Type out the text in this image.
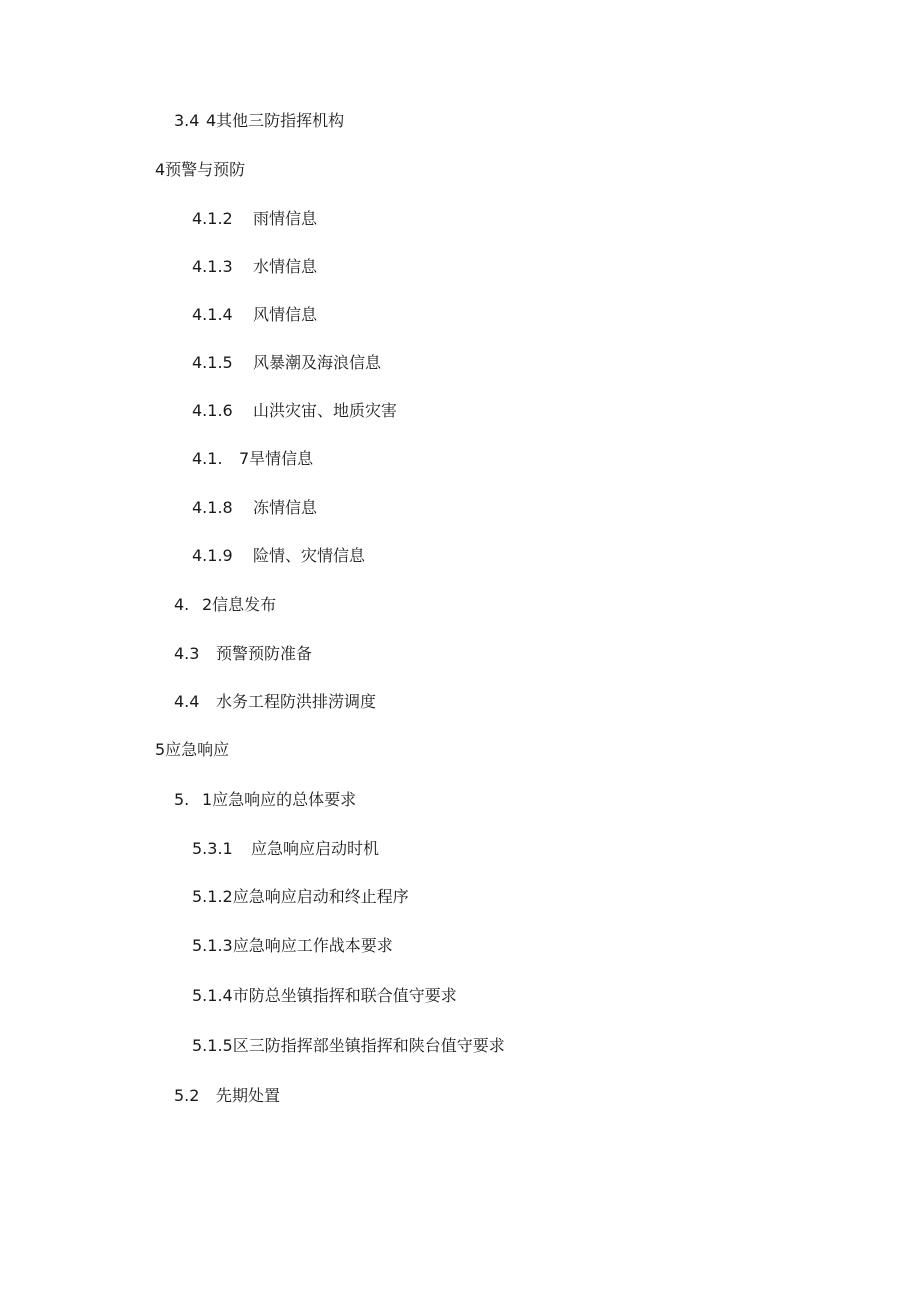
3.4 4其他三防指挥机构
4预警与预防
4.1.2 雨情信息
4.1.3 水情信息
4.1.4 风情信息
4.1.5 风暴潮及海浪信息
4.1.6 山洪灾宙、地质灾害
4.1. 7旱情信息
4.1.8 冻情信息
4.1.9 险情、灾情信息
4. 2信息发布
4.3 预警预防准备
4.4 水务工程防洪排涝调度
5应急响应
5. 1应急响应的总体要求
5.3.1 应急响应启动时机
5.1.2应急响应启动和终止程序
5.1.3应急响应工作战本要求
5.1.4市防总坐镇指挥和联合值守要求
5.1.5区三防指挥部坐镇指挥和陕台值守要求
5.2 先期处置
